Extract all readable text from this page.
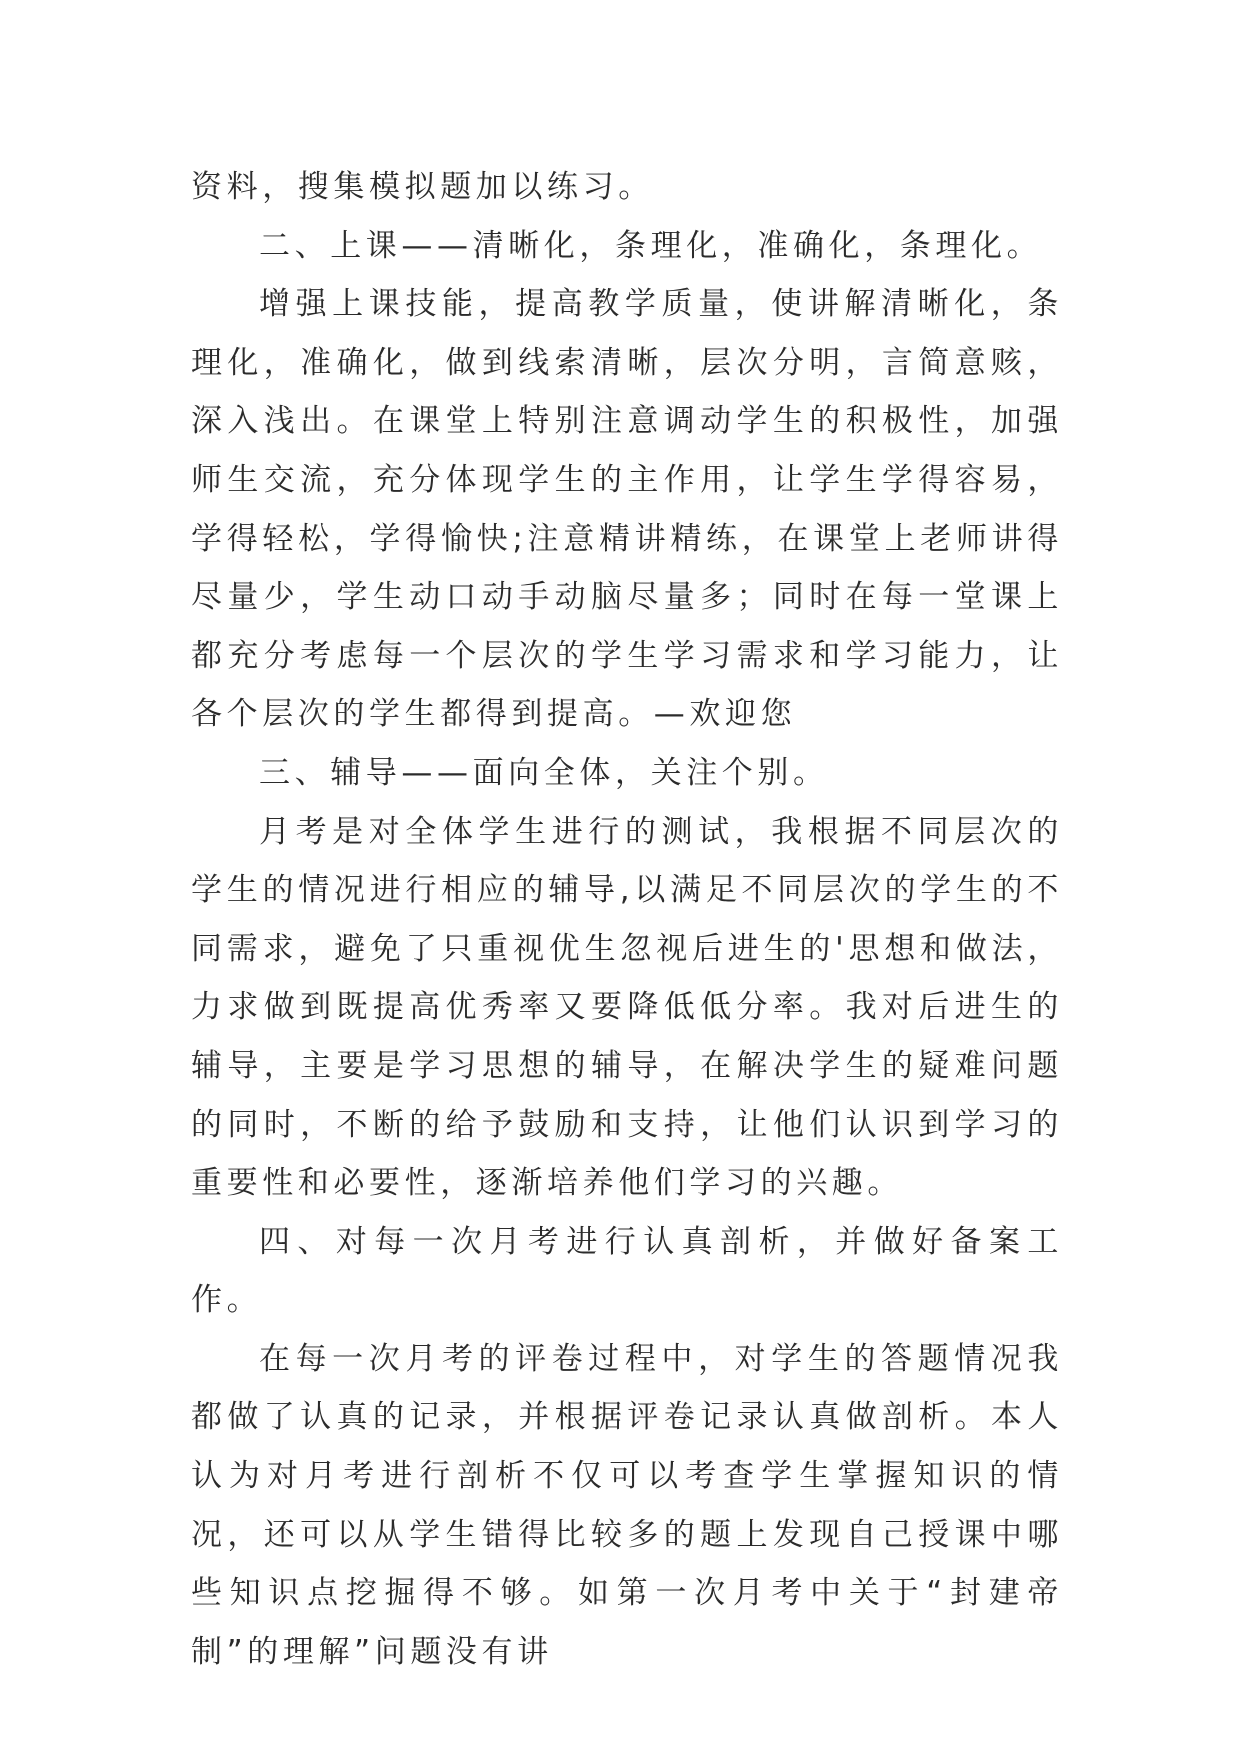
资料，搜集模拟题加以练习。

二、上课——清晰化，条理化，准确化，条理化。

增强上课技能，提高教学质量，使讲解清晰化，条理化，准确化，做到线索清晰，层次分明，言简意赅，深入浅出。在课堂上特别注意调动学生的积极性，加强师生交流，充分体现学生的主作用，让学生学得容易，学得轻松，学得愉快;注意精讲精练，在课堂上老师讲得尽量少，学生动口动手动脑尽量多；同时在每一堂课上都充分考虑每一个层次的学生学习需求和学习能力，让各个层次的学生都得到提高。—欢迎您

三、辅导——面向全体，关注个别。

月考是对全体学生进行的测试，我根据不同层次的学生的情况进行相应的辅导,以满足不同层次的学生的不同需求，避免了只重视优生忽视后进生的'思想和做法，力求做到既提高优秀率又要降低低分率。我对后进生的辅导，主要是学习思想的辅导，在解决学生的疑难问题的同时，不断的给予鼓励和支持，让他们认识到学习的重要性和必要性，逐渐培养他们学习的兴趣。

四、对每一次月考进行认真剖析，并做好备案工作。

在每一次月考的评卷过程中，对学生的答题情况我都做了认真的记录，并根据评卷记录认真做剖析。本人认为对月考进行剖析不仅可以考查学生掌握知识的情况，还可以从学生错得比较多的题上发现自己授课中哪些知识点挖掘得不够。如第一次月考中关于“封建帝制”的理解”问题没有讲
